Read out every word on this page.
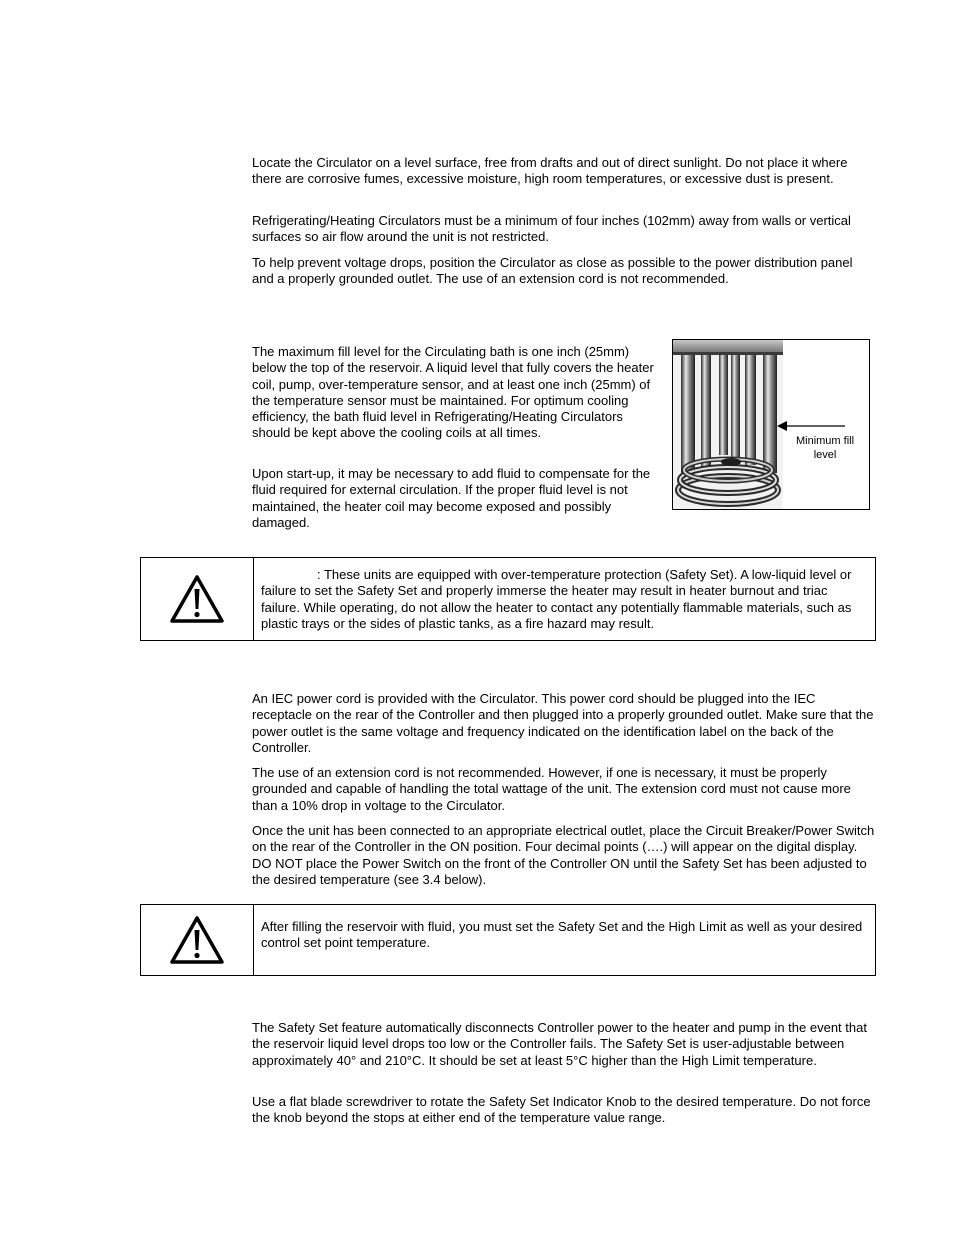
Locate the Circulator on a level surface, free from drafts and out of direct sunlight. Do not place it where there are corrosive fumes, excessive moisture, high room temperatures, or excessive dust is present.

Refrigerating/Heating Circulators must be a minimum of four inches (102mm) away from walls or vertical surfaces so air flow around the unit is not restricted.

To help prevent voltage drops, position the Circulator as close as possible to the power distribution panel and a properly grounded outlet. The use of an extension cord is not recommended.

The maximum fill level for the Circulating bath is one inch (25mm) below the top of the reservoir. A liquid level that fully covers the heater coil, pump, over-temperature sensor, and at least one inch (25mm) of the temperature sensor must be maintained. For optimum cooling efficiency, the bath fluid level in Refrigerating/Heating Circulators should be kept above the cooling coils at all times.

Upon start-up, it may be necessary to add fluid to compensate for the fluid required for external circulation. If the proper fluid level is not maintained, the heater coil may become exposed and possibly damaged.

Minimum fill level

: These units are equipped with over-temperature protection (Safety Set). A low-liquid level or failure to set the Safety Set and properly immerse the heater may result in heater burnout and triac failure. While operating, do not allow the heater to contact any potentially flammable materials, such as plastic trays or the sides of plastic tanks, as a fire hazard may result.

An IEC power cord is provided with the Circulator. This power cord should be plugged into the IEC receptacle on the rear of the Controller and then plugged into a properly grounded outlet. Make sure that the power outlet is the same voltage and frequency indicated on the identification label on the back of the Controller.

The use of an extension cord is not recommended. However, if one is necessary, it must be properly grounded and capable of handling the total wattage of the unit. The extension cord must not cause more than a 10% drop in voltage to the Circulator.

Once the unit has been connected to an appropriate electrical outlet, place the Circuit Breaker/Power Switch on the rear of the Controller in the ON position. Four decimal points (….) will appear on the digital display. DO NOT place the Power Switch on the front of the Controller ON until the Safety Set has been adjusted to the desired temperature (see 3.4 below).

After filling the reservoir with fluid, you must set the Safety Set and the High Limit as well as your desired control set point temperature.

The Safety Set feature automatically disconnects Controller power to the heater and pump in the event that the reservoir liquid level drops too low or the Controller fails. The Safety Set is user-adjustable between approximately 40° and 210°C. It should be set at least 5°C higher than the High Limit temperature.

Use a flat blade screwdriver to rotate the Safety Set Indicator Knob to the desired temperature. Do not force the knob beyond the stops at either end of the temperature value range.
